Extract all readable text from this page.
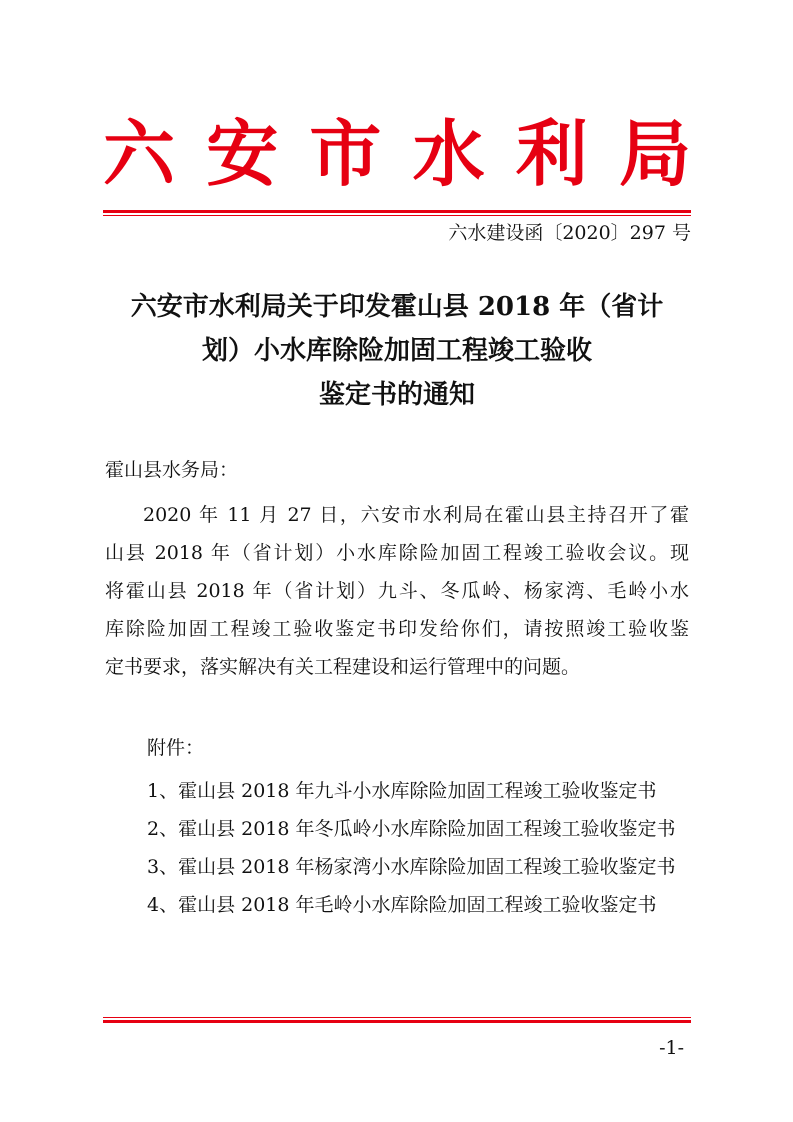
六 安 市 水 利 局
六水建设函〔2020〕297 号
六安市水利局关于印发霍山县 2018 年（省计
划）小水库除险加固工程竣工验收
鉴定书的通知
霍山县水务局：
2020 年 11 月 27 日，六安市水利局在霍山县主持召开了霍
山县 2018 年（省计划）小水库除险加固工程竣工验收会议。现
将霍山县 2018 年（省计划）九斗、冬瓜岭、杨家湾、毛岭小水
库除险加固工程竣工验收鉴定书印发给你们，请按照竣工验收鉴
定书要求，落实解决有关工程建设和运行管理中的问题。
附件：
1、霍山县 2018 年九斗小水库除险加固工程竣工验收鉴定书
2、霍山县 2018 年冬瓜岭小水库除险加固工程竣工验收鉴定书
3、霍山县 2018 年杨家湾小水库除险加固工程竣工验收鉴定书
4、霍山县 2018 年毛岭小水库除险加固工程竣工验收鉴定书
-1-
